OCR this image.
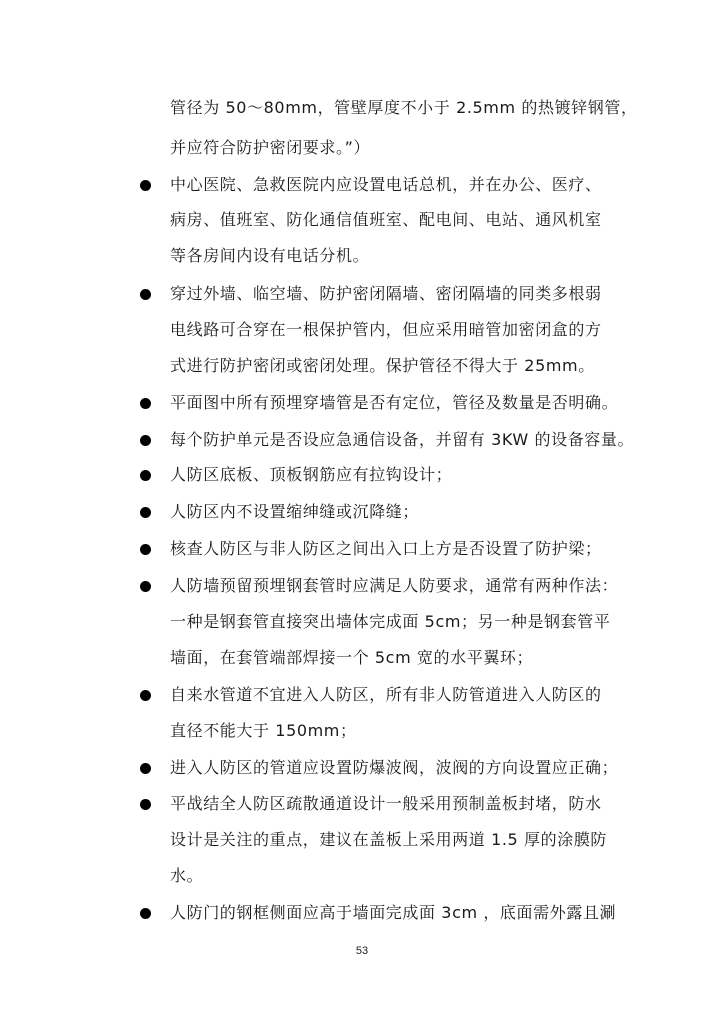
管径为 50～80mm，管壁厚度不小于 2.5mm 的热镀锌钢管，
并应符合防护密闭要求。”）
中心医院、急救医院内应设置电话总机，并在办公、医疗、
病房、值班室、防化通信值班室、配电间、电站、通风机室
等各房间内设有电话分机。
穿过外墙、临空墙、防护密闭隔墙、密闭隔墙的同类多根弱
电线路可合穿在一根保护管内，但应采用暗管加密闭盒的方
式进行防护密闭或密闭处理。保护管径不得大于 25mm。
平面图中所有预埋穿墙管是否有定位，管径及数量是否明确。
每个防护单元是否设应急通信设备，并留有 3KW 的设备容量。
人防区底板、顶板钢筋应有拉钩设计；
人防区内不设置缩绅缝或沉降缝；
核查人防区与非人防区之间出入口上方是否设置了防护梁；
人防墙预留预埋钢套管时应满足人防要求，通常有两种作法：
一种是钢套管直接突出墙体完成面 5cm；另一种是钢套管平
墙面，在套管端部焊接一个 5cm 宽的水平翼环；
自来水管道不宜进入人防区，所有非人防管道进入人防区的
直径不能大于 150mm；
进入人防区的管道应设置防爆波阀，波阀的方向设置应正确；
平战结全人防区疏散通道设计一般采用预制盖板封堵，防水
设计是关注的重点，建议在盖板上采用两道 1.5 厚的涂膜防
水。
人防门的钢框侧面应高于墙面完成面 3cm ，底面需外露且涮
53
